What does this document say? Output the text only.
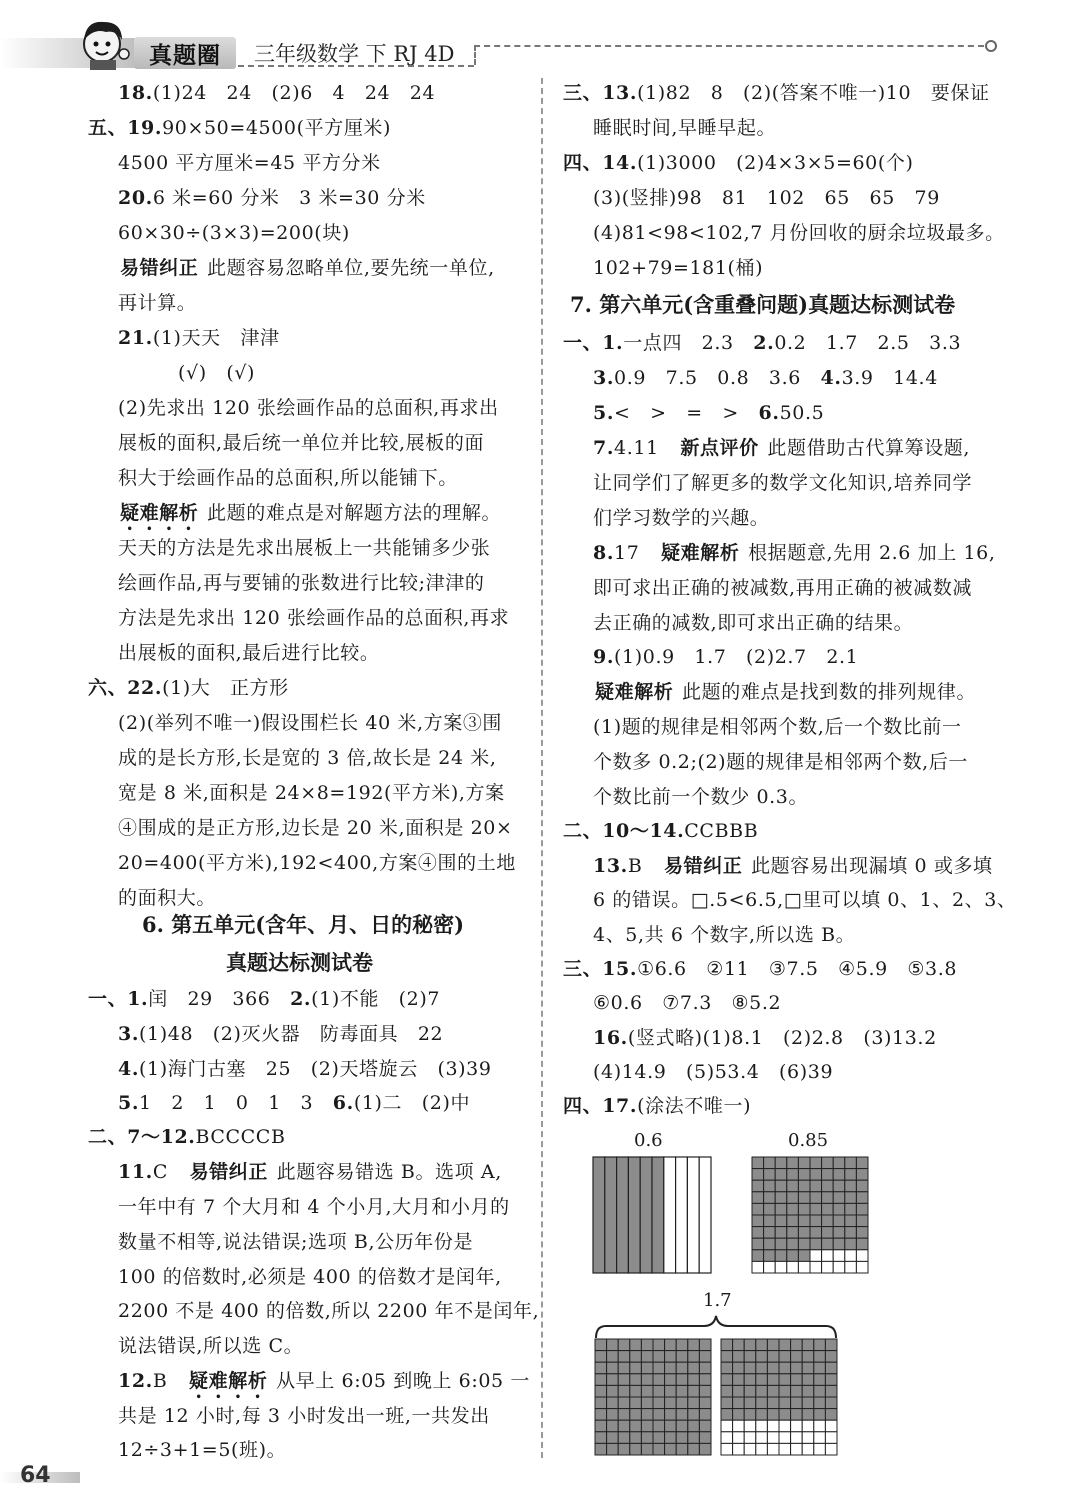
真题圈	三年级数学 下 RJ 4D
18.(1)24　24　(2)6　4　24　24
五、19.90×50=4500(平方厘米)
4500 平方厘米=45 平方分米
20.6 米=60 分米　3 米=30 分米
60×30÷(3×3)=200(块)
易错纠正 此题容易忽略单位,要先统一单位,
再计算。
21.(1)天天　津津
(√)　(√)
(2)先求出 120 张绘画作品的总面积,再求出
展板的面积,最后统一单位并比较,展板的面
积大于绘画作品的总面积,所以能铺下。
疑难解析 此题的难点是对解题方法的理解。
天天的方法是先求出展板上一共能铺多少张
绘画作品,再与要铺的张数进行比较;津津的
方法是先求出 120 张绘画作品的总面积,再求
出展板的面积,最后进行比较。
六、22.(1)大　正方形
(2)(举列不唯一)假设围栏长 40 米,方案③围
成的是长方形,长是宽的 3 倍,故长是 24 米,
宽是 8 米,面积是 24×8=192(平方米),方案
④围成的是正方形,边长是 20 米,面积是 20×
20=400(平方米),192<400,方案④围的土地
的面积大。
6. 第五单元(含年、月、日的秘密)
真题达标测试卷
一、1.闰　29　366　2.(1)不能　(2)7
3.(1)48　(2)灭火器　防毒面具　22
4.(1)海门古塞　25　(2)天塔旋云　(3)39
5.1　2　1　0　1　3　6.(1)二　(2)中
二、7～12.BCCCCB
11.C　易错纠正 此题容易错选 B。选项 A,
一年中有 7 个大月和 4 个小月,大月和小月的
数量不相等,说法错误;选项 B,公历年份是
100 的倍数时,必须是 400 的倍数才是闰年,
2200 不是 400 的倍数,所以 2200 年不是闰年,
说法错误,所以选 C。
12.B　疑难解析 从早上 6:05 到晚上 6:05 一
共是 12 小时,每 3 小时发出一班,一共发出
12÷3+1=5(班)。
三、13.(1)82　8　(2)(答案不唯一)10　要保证
睡眠时间,早睡早起。
四、14.(1)3000　(2)4×3×5=60(个)
(3)(竖排)98　81　102　65　65　79
(4)81<98<102,7 月份回收的厨余垃圾最多。
102+79=181(桶)
7. 第六单元(含重叠问题)真题达标测试卷
一、1.一点四　2.3　2.0.2　1.7　2.5　3.3
3.0.9　7.5　0.8　3.6　4.3.9　14.4
5.<　>　=　>　6.50.5
7.4.11　新点评价 此题借助古代算筹设题,
让同学们了解更多的数学文化知识,培养同学
们学习数学的兴趣。
8.17　疑难解析 根据题意,先用 2.6 加上 16,
即可求出正确的被减数,再用正确的被减数减
去正确的减数,即可求出正确的结果。
9.(1)0.9　1.7　(2)2.7　2.1
疑难解析 此题的难点是找到数的排列规律。
(1)题的规律是相邻两个数,后一个数比前一
个数多 0.2;(2)题的规律是相邻两个数,后一
个数比前一个数少 0.3。
二、10～14.CCBBB
13.B　易错纠正 此题容易出现漏填 0 或多填
6 的错误。□.5<6.5,□里可以填 0、1、2、3、
4、5,共 6 个数字,所以选 B。
三、15.①6.6　②11　③7.5　④5.9　⑤3.8
⑥0.6　⑦7.3　⑧5.2
16.(竖式略)(1)8.1　(2)2.8　(3)13.2
(4)14.9　(5)53.4　(6)39
四、17.(涂法不唯一)
0.6	0.85
1.7
64
